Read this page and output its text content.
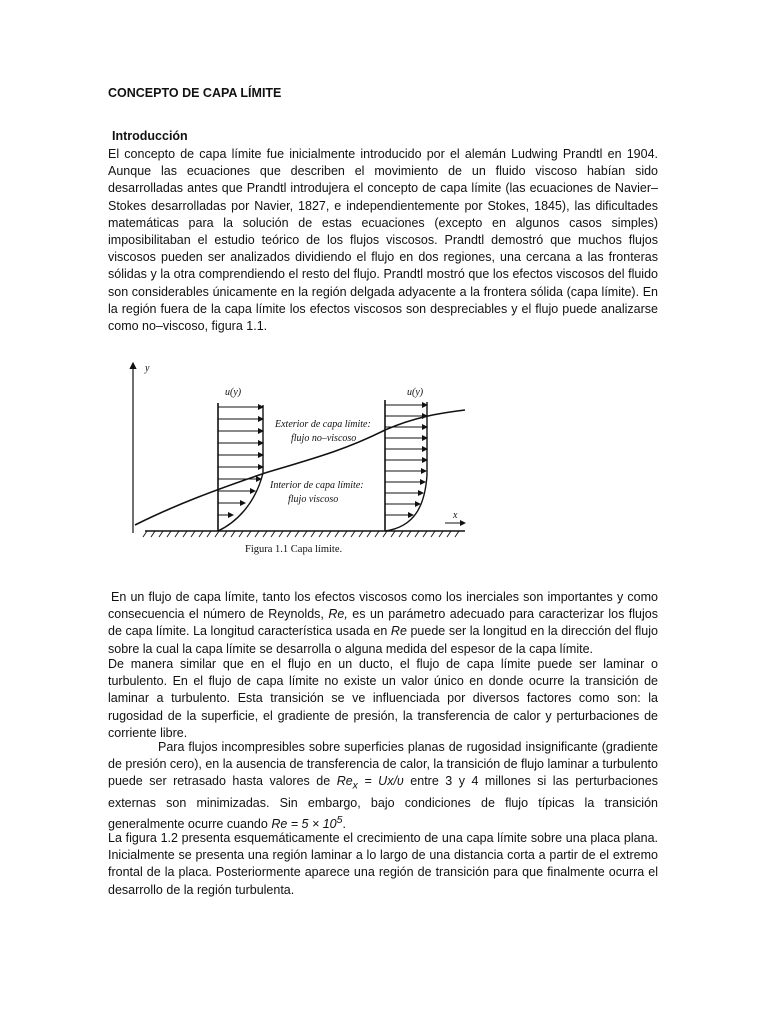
CONCEPTO DE CAPA LÍMITE
Introducción
El concepto de capa límite fue inicialmente introducido por el alemán Ludwing Prandtl en 1904. Aunque las ecuaciones que describen el movimiento de un fluido viscoso habían sido desarrolladas antes que Prandtl introdujera el concepto de capa límite (las ecuaciones de Navier–Stokes desarrolladas por Navier, 1827, e independientemente por Stokes, 1845), las dificultades matemáticas para la solución de estas ecuaciones (excepto en algunos casos simples) imposibilitaban el estudio teórico de los flujos viscosos. Prandtl demostró que muchos flujos viscosos pueden ser analizados dividiendo el flujo en dos regiones, una cercana a las fronteras sólidas y la otra comprendiendo el resto del flujo. Prandtl mostró que los efectos viscosos del fluido son considerables únicamente en la región delgada adyacente a la frontera sólida (capa límite). En la región fuera de la capa límite los efectos viscosos son despreciables y el flujo puede analizarse como no–viscoso, figura 1.1.
y
x
u(y)	u(y)
Exterior de capa límite:
flujo no–viscoso
Interior de capa límite:
flujo viscoso
Figura 1.1 Capa límite.
En un flujo de capa límite, tanto los efectos viscosos como los inerciales son importantes y como consecuencia el número de Reynolds, Re, es un parámetro adecuado para caracterizar los flujos de capa límite. La longitud característica usada en Re puede ser la longitud en la dirección del flujo sobre la cual la capa límite se desarrolla o alguna medida del espesor de la capa límite.
De manera similar que en el flujo en un ducto, el flujo de capa límite puede ser laminar o turbulento. En el flujo de capa límite no existe un valor único en donde ocurre la transición de laminar a turbulento. Esta transición se ve influenciada por diversos factores como son: la rugosidad de la superficie, el gradiente de presión, la transferencia de calor y perturbaciones de corriente libre.
Para flujos incompresibles sobre superficies planas de rugosidad insignificante (gradiente de presión cero), en la ausencia de transferencia de calor, la transición de flujo laminar a turbulento puede ser retrasado hasta valores de $Re_x = Ux/\upsilon$ entre 3 y 4 millones si las perturbaciones externas son minimizadas. Sin embargo, bajo condiciones de flujo típicas la transición generalmente ocurre cuando $Re = 5 \times 10^5$.
La figura 1.2 presenta esquemáticamente el crecimiento de una capa límite sobre una placa plana. Inicialmente se presenta una región laminar a lo largo de una distancia corta a partir de el extremo frontal de la placa. Posteriormente aparece una región de transición para que finalmente ocurra el desarrollo de la región turbulenta.
